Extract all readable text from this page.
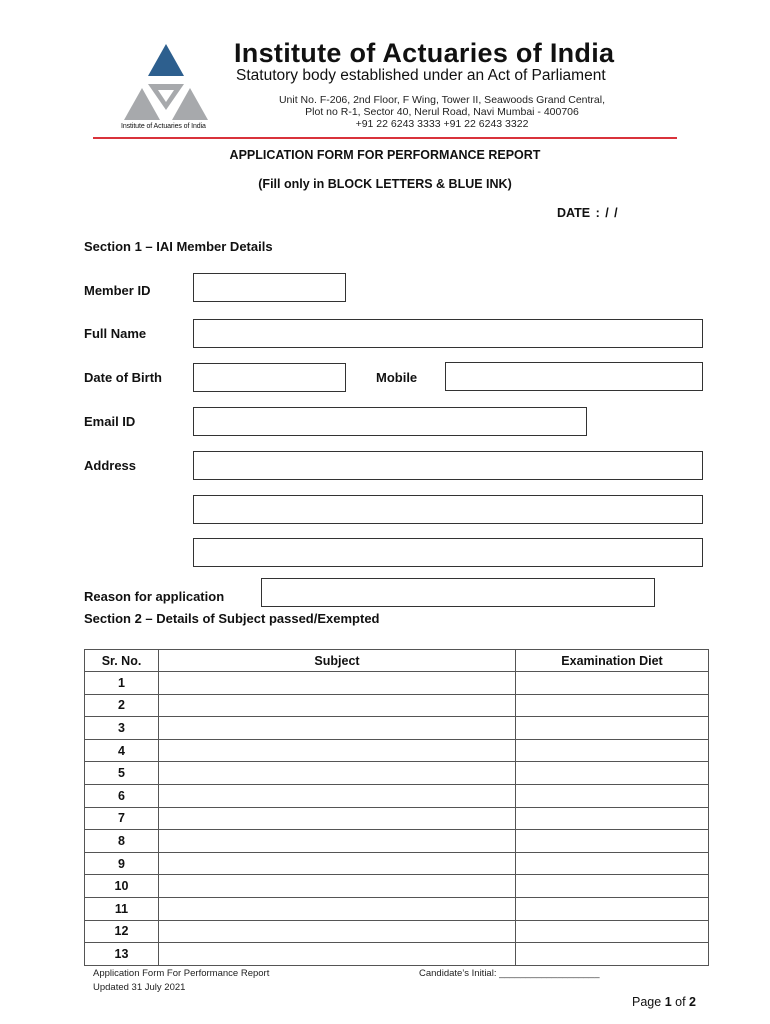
Institute of Actuaries of India
Institute of Actuaries of India
Statutory body established under an Act of Parliament
Unit No. F-206, 2nd Floor, F Wing, Tower II, Seawoods Grand Central,
Plot no R-1, Sector 40, Nerul Road, Navi Mumbai - 400706
+91 22 6243 3333 +91 22 6243 3322
APPLICATION FORM FOR PERFORMANCE REPORT
(Fill only in BLOCK LETTERS & BLUE INK)
DATE : / /
Section 1 – IAI Member Details
Member ID
Full Name
Date of Birth	Mobile
Email ID
Address
Reason for application
Section 2 – Details of Subject passed/Exempted
Sr. No.	Subject	Examination Diet
1		
2		
3		
4		
5		
6		
7		
8		
9		
10		
11		
12		
13		
Application Form For Performance Report
Updated 31 July 2021
Candidate’s Initial: ___________________
Page 1 of 2
